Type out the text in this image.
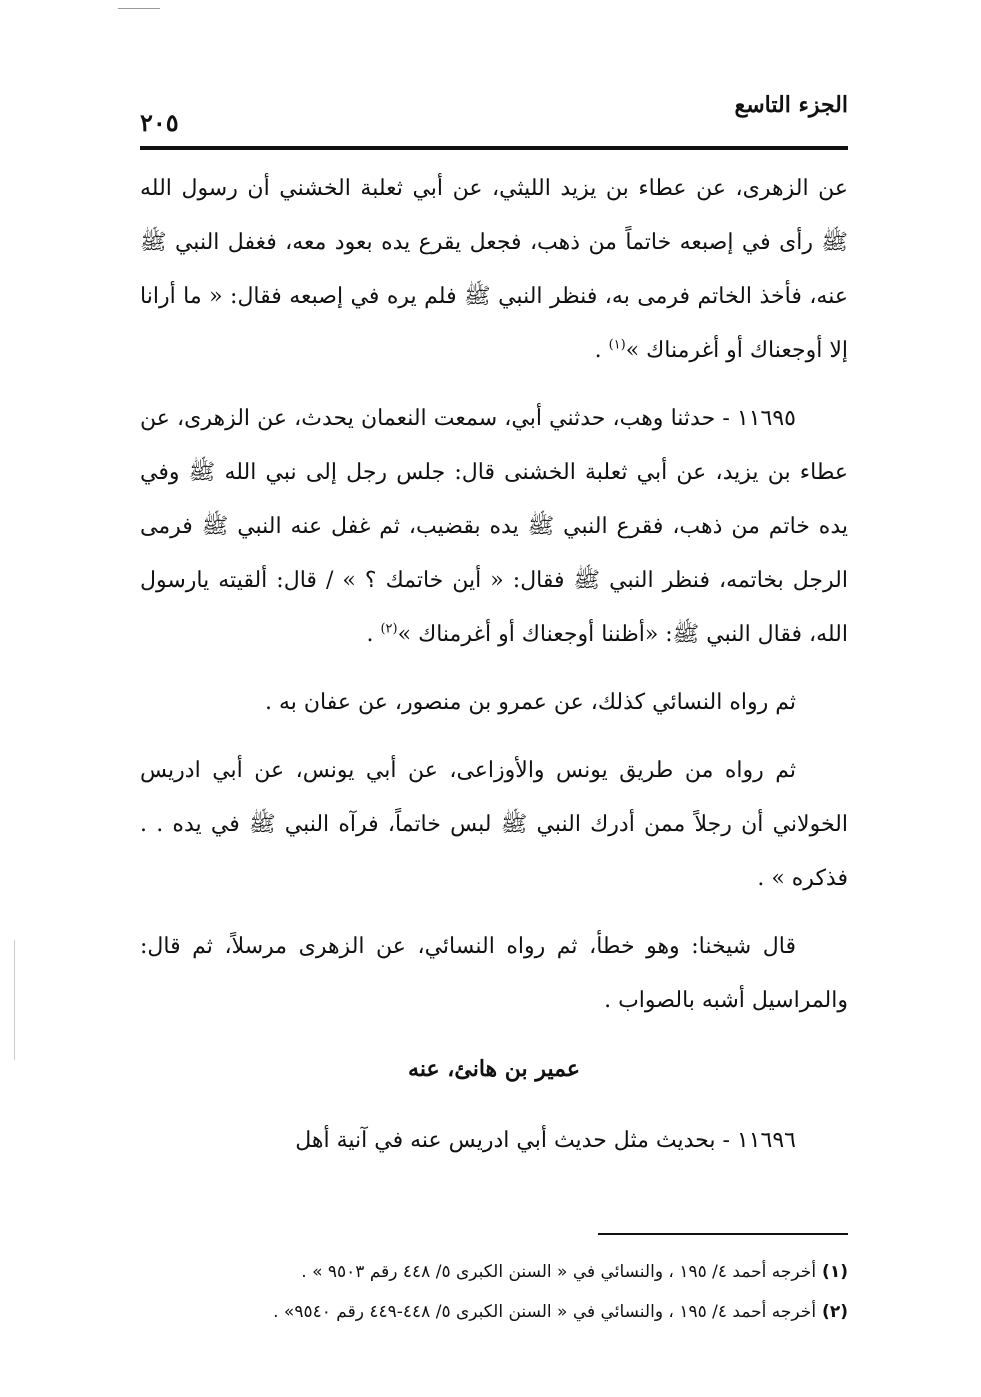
الجزء التاسع
٢٠٥

عن الزهرى، عن عطاء بن يزيد الليثي، عن أبي ثعلبة الخشني أن رسول الله ﷺ رأى في إصبعه خاتماً من ذهب، فجعل يقرع يده بعود معه، فغفل النبي ﷺ عنه، فأخذ الخاتم فرمى به، فنظر النبي ﷺ فلم يره في إصبعه فقال: « ما أرانا إلا أوجعناك أو أغرمناك »$^{(١)}$ .

١١٦٩٥ - حدثنا وهب، حدثني أبي، سمعت النعمان يحدث، عن الزهرى، عن عطاء بن يزيد، عن أبي ثعلبة الخشنى قال: جلس رجل إلى نبي الله ﷺ وفي يده خاتم من ذهب، فقرع النبي ﷺ يده بقضيب، ثم غفل عنه النبي ﷺ فرمى الرجل بخاتمه، فنظر النبي ﷺ فقال: « أين خاتمك ؟ » / قال: ألقيته يارسول الله، فقال النبي ﷺ: «أظننا أوجعناك أو أغرمناك »$^{(٢)}$ .

ثم رواه النسائي كذلك، عن عمرو بن منصور، عن عفان به .

ثم رواه من طريق يونس والأوزاعى، عن أبي يونس، عن أبي ادريس الخولاني أن رجلاً ممن أدرك النبي ﷺ لبس خاتماً، فرآه النبي ﷺ في يده . . فذكره » .

قال شيخنا: وهو خطأ، ثم رواه النسائي، عن الزهرى مرسلاً، ثم قال: والمراسيل أشبه بالصواب .

عمير بن هانئ، عنه

١١٦٩٦ - بحديث مثل حديث أبي ادريس عنه في آنية أهل

(١)أخرجه أحمد ٤/ ١٩٥ ، والنسائي في « السنن الكبرى ٥/ ٤٤٨ رقم ٩٥٠٣ » .
(٢)أخرجه أحمد ٤/ ١٩٥ ، والنسائي في « السنن الكبرى ٥/ ٤٤٨-٤٤٩ رقم ٩٥٤٠» .
